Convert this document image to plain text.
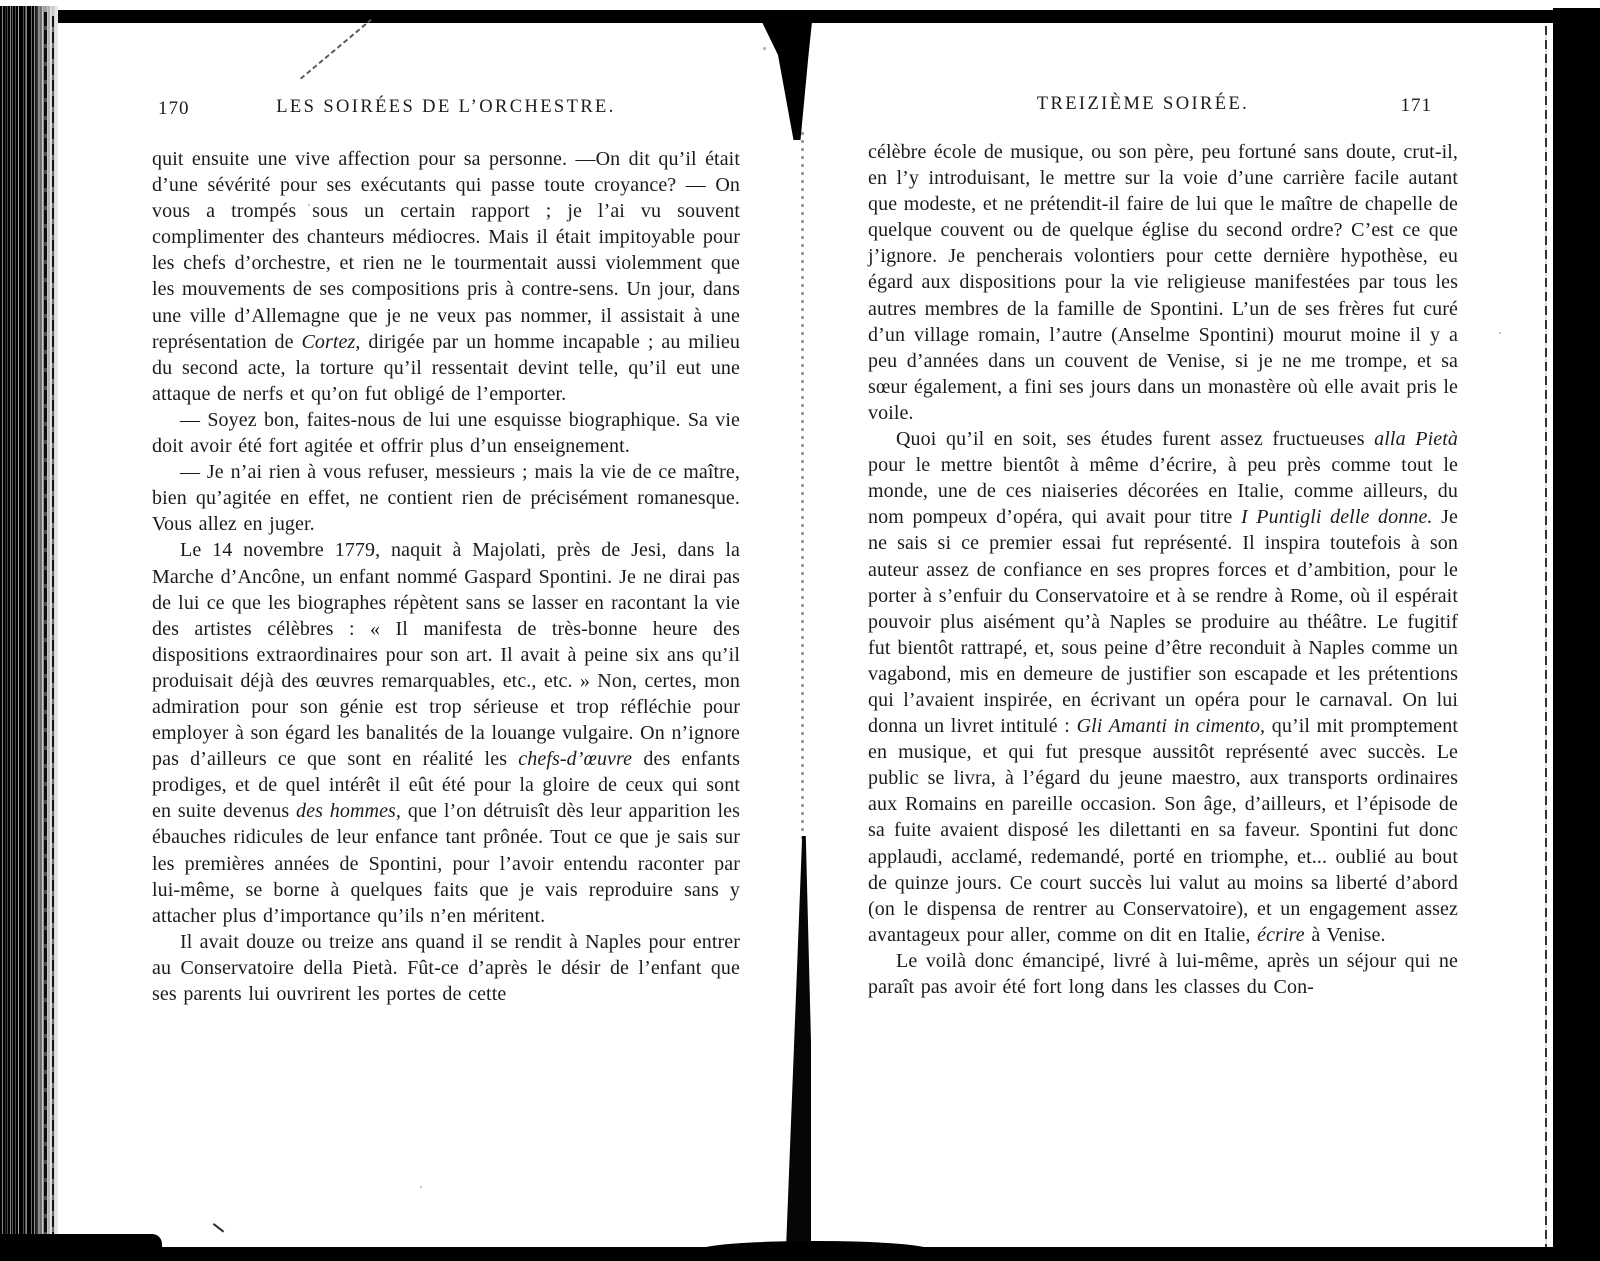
170	LES SOIRÉES DE L’ORCHESTRE.

quit ensuite une vive affection pour sa personne. —On dit qu’il était d’une sévérité pour ses exécutants qui passe toute croyance? — On vous a trompés sous un certain rapport ; je l’ai vu souvent complimenter des chanteurs médiocres. Mais il était impitoyable pour les chefs d’orchestre, et rien ne le tourmentait aussi violemment que les mouvements de ses compositions pris à contre-sens. Un jour, dans une ville d’Allemagne que je ne veux pas nommer, il assistait à une représentation de Cortez, dirigée par un homme incapable ; au milieu du second acte, la torture qu’il ressentait devint telle, qu’il eut une attaque de nerfs et qu’on fut obligé de l’emporter.

— Soyez bon, faites-nous de lui une esquisse biographique. Sa vie doit avoir été fort agitée et offrir plus d’un enseignement.

— Je n’ai rien à vous refuser, messieurs ; mais la vie de ce maître, bien qu’agitée en effet, ne contient rien de précisément romanesque. Vous allez en juger.

Le 14 novembre 1779, naquit à Majolati, près de Jesi, dans la Marche d’Ancône, un enfant nommé Gaspard Spontini. Je ne dirai pas de lui ce que les biographes répètent sans se lasser en racontant la vie des artistes célèbres : « Il manifesta de très-bonne heure des dispositions extraordinaires pour son art. Il avait à peine six ans qu’il produisait déjà des œuvres remarquables, etc., etc. » Non, certes, mon admiration pour son génie est trop sérieuse et trop réfléchie pour employer à son égard les banalités de la louange vulgaire. On n’ignore pas d’ailleurs ce que sont en réalité les chefs-d’œuvre des enfants prodiges, et de quel intérêt il eût été pour la gloire de ceux qui sont en suite devenus des hommes, que l’on détruisît dès leur apparition les ébauches ridicules de leur enfance tant prônée. Tout ce que je sais sur les premières années de Spontini, pour l’avoir entendu raconter par lui-même, se borne à quelques faits que je vais reproduire sans y attacher plus d’importance qu’ils n’en méritent.

Il avait douze ou treize ans quand il se rendit à Naples pour entrer au Conservatoire della Pietà. Fût-ce d’après le désir de l’enfant que ses parents lui ouvrirent les portes de cette

TREIZIÈME SOIRÉE.	171

célèbre école de musique, ou son père, peu fortuné sans doute, crut-il, en l’y introduisant, le mettre sur la voie d’une carrière facile autant que modeste, et ne prétendit-il faire de lui que le maître de chapelle de quelque couvent ou de quelque église du second ordre? C’est ce que j’ignore. Je pencherais volontiers pour cette dernière hypothèse, eu égard aux dispositions pour la vie religieuse manifestées par tous les autres membres de la famille de Spontini. L’un de ses frères fut curé d’un village romain, l’autre (Anselme Spontini) mourut moine il y a peu d’années dans un couvent de Venise, si je ne me trompe, et sa sœur également, a fini ses jours dans un monastère où elle avait pris le voile.

Quoi qu’il en soit, ses études furent assez fructueuses alla Pietà pour le mettre bientôt à même d’écrire, à peu près comme tout le monde, une de ces niaiseries décorées en Italie, comme ailleurs, du nom pompeux d’opéra, qui avait pour titre I Puntigli delle donne. Je ne sais si ce premier essai fut représenté. Il inspira toutefois à son auteur assez de confiance en ses propres forces et d’ambition, pour le porter à s’enfuir du Conservatoire et à se rendre à Rome, où il espérait pouvoir plus aisément qu’à Naples se produire au théâtre. Le fugitif fut bientôt rattrapé, et, sous peine d’être reconduit à Naples comme un vagabond, mis en demeure de justifier son escapade et les prétentions qui l’avaient inspirée, en écrivant un opéra pour le carnaval. On lui donna un livret intitulé : Gli Amanti in cimento, qu’il mit promptement en musique, et qui fut presque aussitôt représenté avec succès. Le public se livra, à l’égard du jeune maestro, aux transports ordinaires aux Romains en pareille occasion. Son âge, d’ailleurs, et l’épisode de sa fuite avaient disposé les dilettanti en sa faveur. Spontini fut donc applaudi, acclamé, redemandé, porté en triomphe, et... oublié au bout de quinze jours. Ce court succès lui valut au moins sa liberté d’abord (on le dispensa de rentrer au Conservatoire), et un engagement assez avantageux pour aller, comme on dit en Italie, écrire à Venise.

Le voilà donc émancipé, livré à lui-même, après un séjour qui ne paraît pas avoir été fort long dans les classes du Con-
